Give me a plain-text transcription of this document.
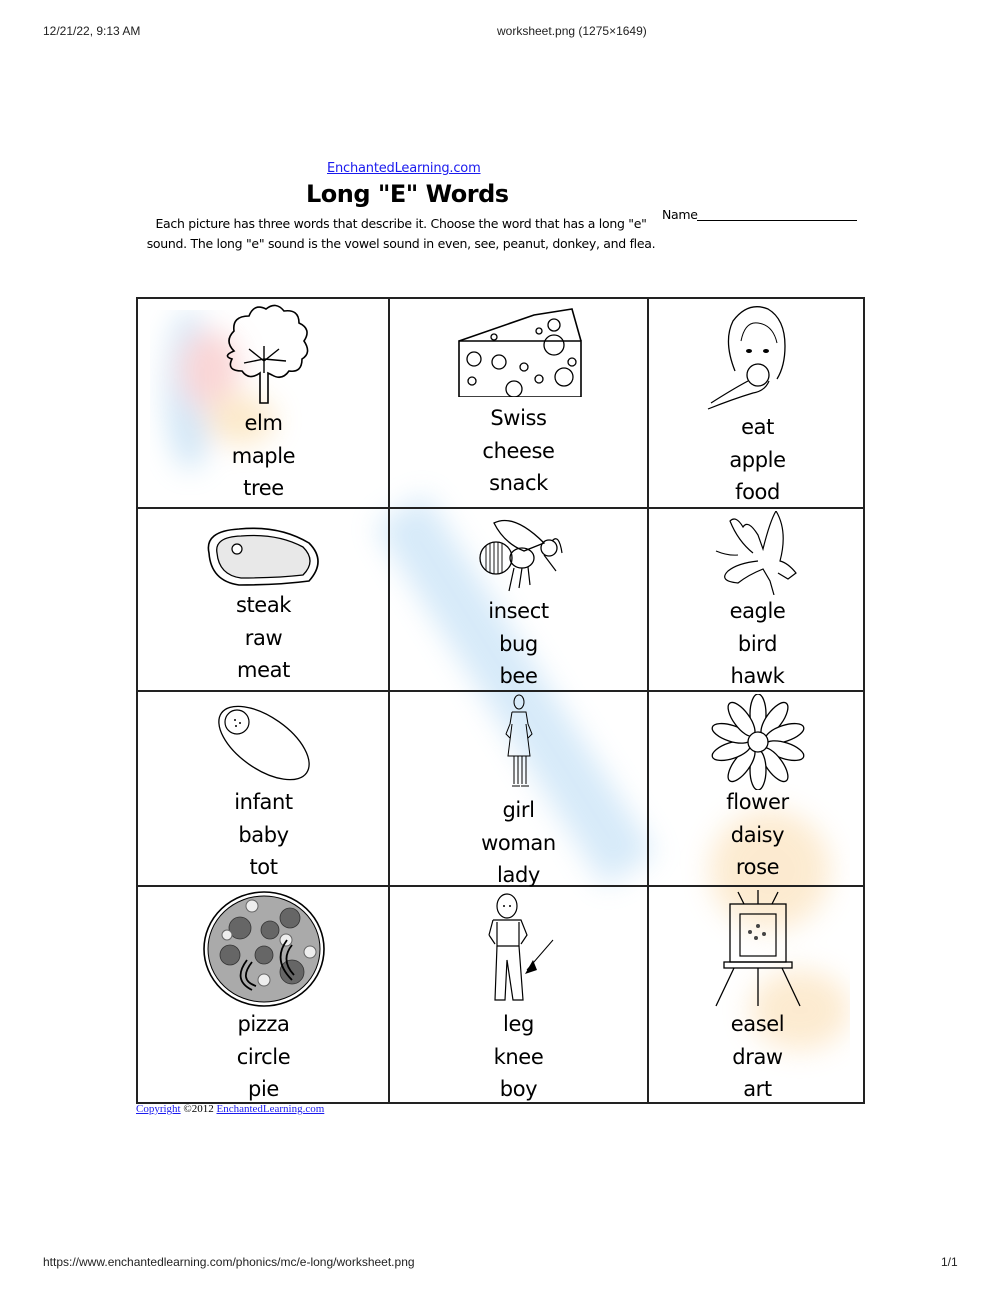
12/21/22, 9:13 AM	worksheet.png (1275×1649)
EnchantedLearning.com
Long "E" Words
Each picture has three words that describe it. Choose the word that has a long "e" sound. The long "e" sound is the vowel sound in even, see, peanut, donkey, and flea.
Name
elm
maple
tree
Swiss
cheese
snack
eat
apple
food
steak
raw
meat
insect
bug
bee
eagle
bird
hawk
infant
baby
tot
girl
woman
lady
flower
daisy
rose
pizza
circle
pie
leg
knee
boy
easel
draw
art
Copyright ©2012 EnchantedLearning.com
https://www.enchantedlearning.com/phonics/mc/e-long/worksheet.png	1/1
